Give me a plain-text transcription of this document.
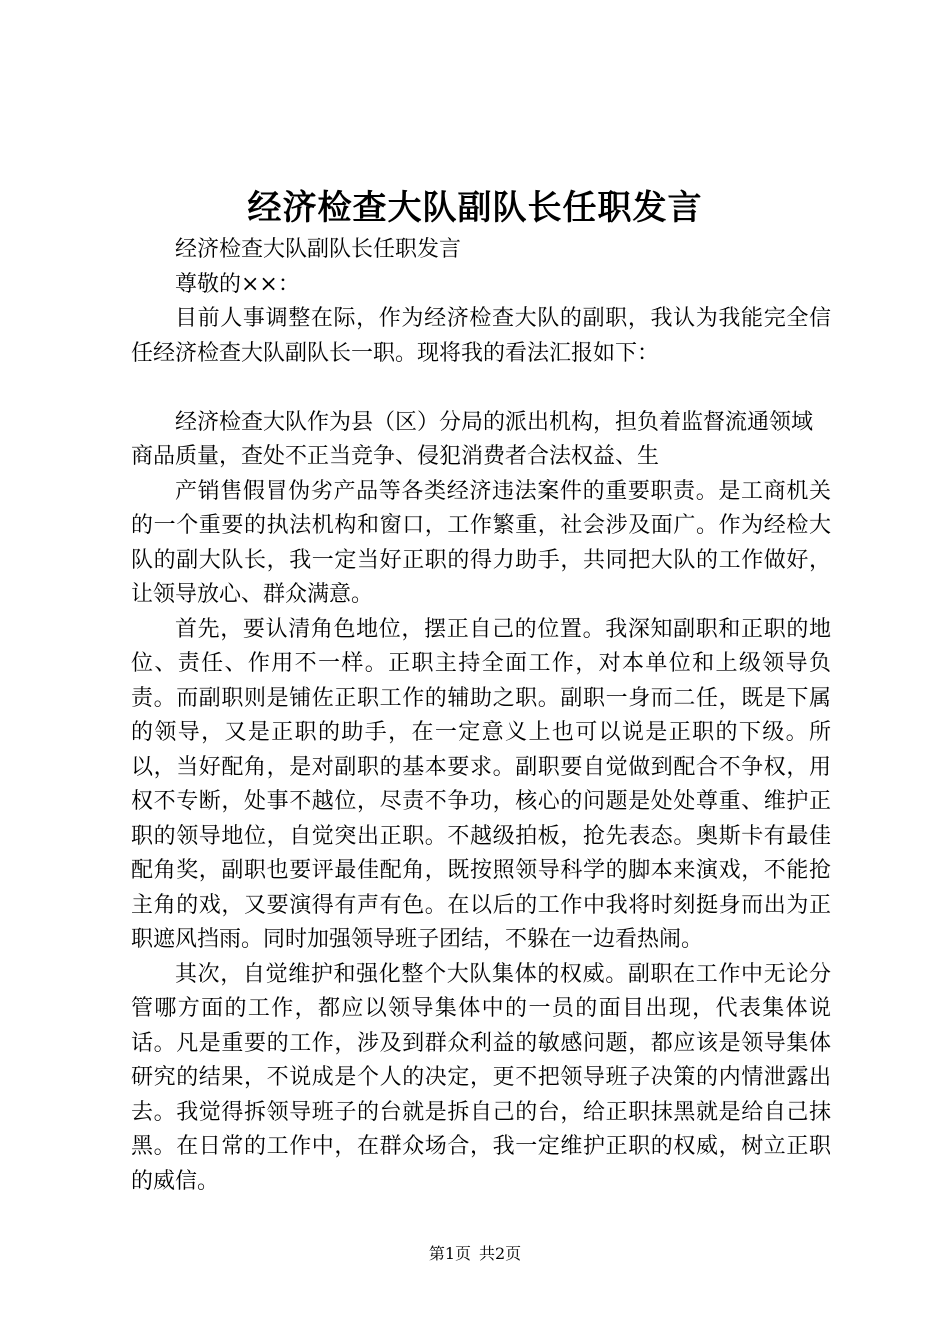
经济检查大队副队长任职发言

经济检查大队副队长任职发言

尊敬的××：

目前人事调整在际，作为经济检查大队的副职，我认为我能完全信任经济检查大队副队长一职。现将我的看法汇报如下：

经济检查大队作为县（区）分局的派出机构，担负着监督流通领域商品质量，查处不正当竞争、侵犯消费者合法权益、生

产销售假冒伪劣产品等各类经济违法案件的重要职责。是工商机关的一个重要的执法机构和窗口，工作繁重，社会涉及面广。作为经检大队的副大队长，我一定当好正职的得力助手，共同把大队的工作做好，让领导放心、群众满意。

首先，要认清角色地位，摆正自己的位置。我深知副职和正职的地位、责任、作用不一样。正职主持全面工作，对本单位和上级领导负责。而副职则是铺佐正职工作的辅助之职。副职一身而二任，既是下属的领导，又是正职的助手，在一定意义上也可以说是正职的下级。所以，当好配角，是对副职的基本要求。副职要自觉做到配合不争权，用权不专断，处事不越位，尽责不争功，核心的问题是处处尊重、维护正职的领导地位，自觉突出正职。不越级拍板，抢先表态。奥斯卡有最佳配角奖，副职也要评最佳配角，既按照领导科学的脚本来演戏，不能抢主角的戏，又要演得有声有色。在以后的工作中我将时刻挺身而出为正职遮风挡雨。同时加强领导班子团结，不躲在一边看热闹。

其次，自觉维护和强化整个大队集体的权威。副职在工作中无论分管哪方面的工作，都应以领导集体中的一员的面目出现，代表集体说话。凡是重要的工作，涉及到群众利益的敏感问题，都应该是领导集体研究的结果，不说成是个人的决定，更不把领导班子决策的内情泄露出去。我觉得拆领导班子的台就是拆自己的台，给正职抹黑就是给自己抹黑。在日常的工作中，在群众场合，我一定维护正职的权威，树立正职的威信。

第1页 共2页
